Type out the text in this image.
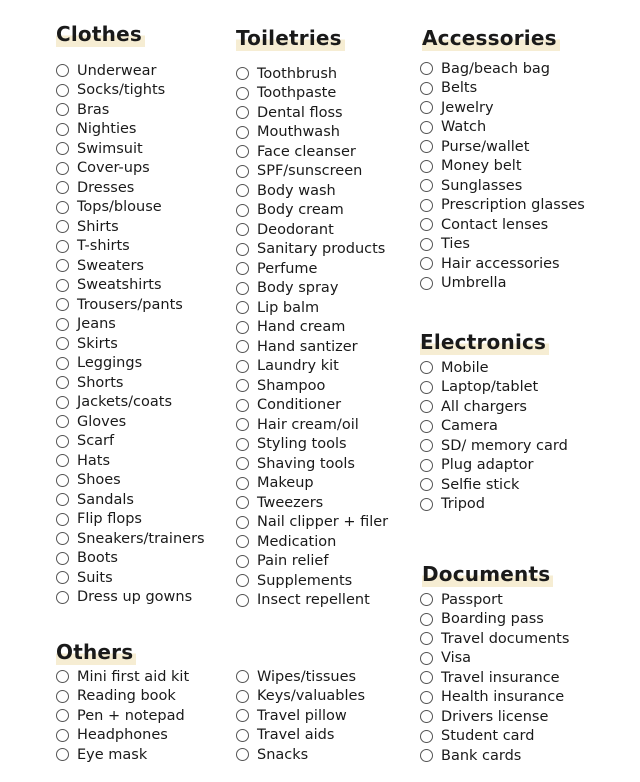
Clothes	Toiletries	Accessories
Electronics
Documents
Others
Underwear
Socks/tights
Bras
Nighties
Swimsuit
Cover-ups
Dresses
Tops/blouse
Shirts
T-shirts
Sweaters
Sweatshirts
Trousers/pants
Jeans
Skirts
Leggings
Shorts
Jackets/coats
Gloves
Scarf
Hats
Shoes
Sandals
Flip flops
Sneakers/trainers
Boots
Suits
Dress up gowns
Toothbrush
Toothpaste
Dental floss
Mouthwash
Face cleanser
SPF/sunscreen
Body wash
Body cream
Deodorant
Sanitary products
Perfume
Body spray
Lip balm
Hand cream
Hand santizer
Laundry kit
Shampoo
Conditioner
Hair cream/oil
Styling tools
Shaving tools
Makeup
Tweezers
Nail clipper + filer
Medication
Pain relief
Supplements
Insect repellent
Bag/beach bag
Belts
Jewelry
Watch
Purse/wallet
Money belt
Sunglasses
Prescription glasses
Contact lenses
Ties
Hair accessories
Umbrella
Mobile
Laptop/tablet
All chargers
Camera
SD/ memory card
Plug adaptor
Selfie stick
Tripod
Passport
Boarding pass
Travel documents
Visa
Travel insurance
Health insurance
Drivers license
Student card
Bank cards
Mini first aid kit
Reading book
Pen + notepad
Headphones
Eye mask
Wipes/tissues
Keys/valuables
Travel pillow
Travel aids
Snacks
